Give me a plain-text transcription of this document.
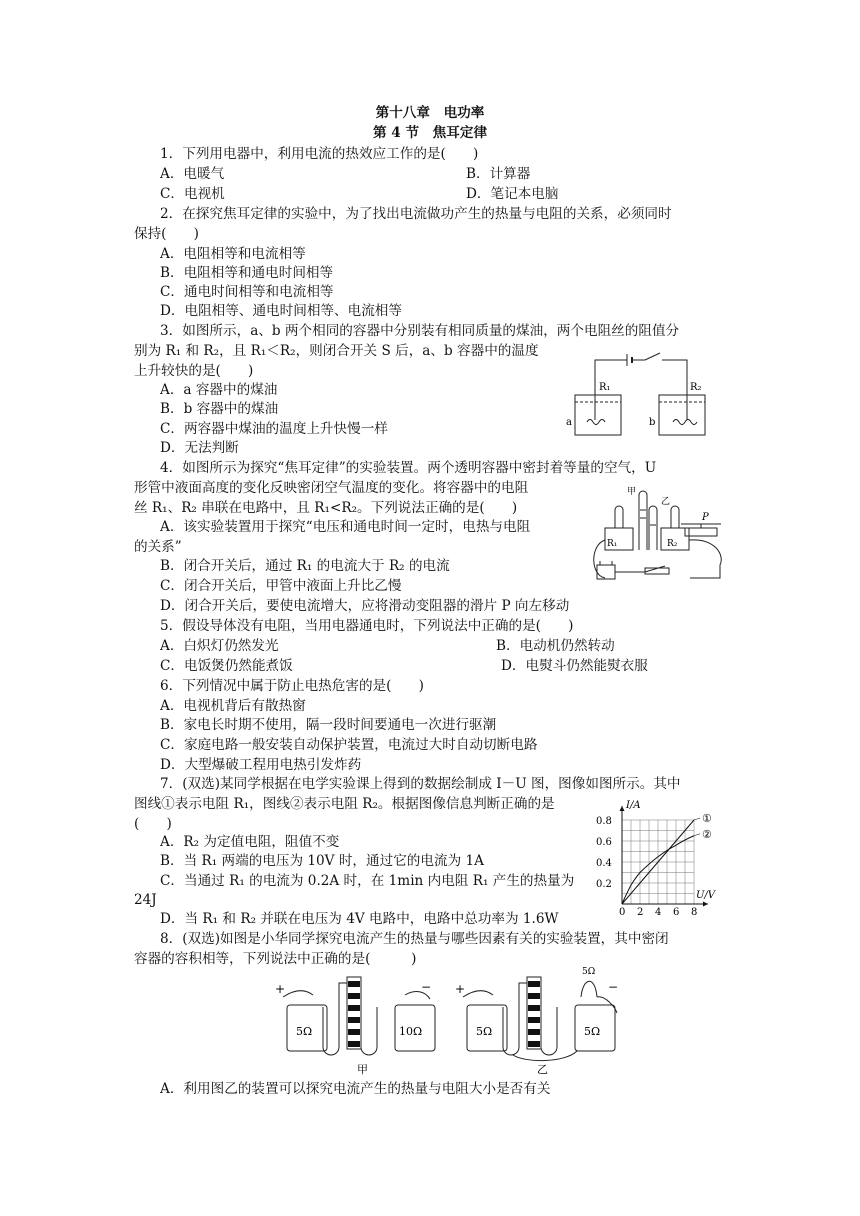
第十八章　电功率
第 4 节　焦耳定律
1．下列用电器中，利用电流的热效应工作的是(　　)
A．电暖气	B．计算器
C．电视机	D．笔记本电脑
2．在探究焦耳定律的实验中，为了找出电流做功产生的热量与电阻的关系，必须同时
保持(　　)
A．电阻相等和电流相等
B．电阻相等和通电时间相等
C．通电时间相等和电流相等
D．电阻相等、通电时间相等、电流相等
3．如图所示，a、b 两个相同的容器中分别装有相同质量的煤油，两个电阻丝的阻值分
别为 R₁ 和 R₂，且 R₁＜R₂，则闭合开关 S 后，a、b 容器中的温度
上升较快的是(　　)
A．a 容器中的煤油
B．b 容器中的煤油
C．两容器中煤油的温度上升快慢一样
D．无法判断
R₁	R₂
a	b
4．如图所示为探究“焦耳定律”的实验装置。两个透明容器中密封着等量的空气，U
形管中液面高度的变化反映密闭空气温度的变化。将容器中的电阻
丝 R₁、R₂ 串联在电路中，且 R₁<R₂。下列说法正确的是(　　)
A．该实验装置用于探究“电压和通电时间一定时，电热与电阻
的关系”
B．闭合开关后，通过 R₁ 的电流大于 R₂ 的电流
C．闭合开关后，甲管中液面上升比乙慢
D．闭合开关后，要使电流增大，应将滑动变阻器的滑片 P 向左移动
甲
乙
R₁	R₂
P
5．假设导体没有电阻，当用电器通电时，下列说法中正确的是(　　)
A．白炽灯仍然发光	B．电动机仍然转动
C．电饭煲仍然能煮饭	D．电熨斗仍然能熨衣服
6．下列情况中属于防止电热危害的是(　　)
A．电视机背后有散热窗
B．家电长时期不使用，隔一段时间要通电一次进行驱潮
C．家庭电路一般安装自动保护装置，电流过大时自动切断电路
D．大型爆破工程用电热引发炸药
7．(双选)某同学根据在电学实验课上得到的数据绘制成 I－U 图，图像如图所示。其中
图线①表示电阻 R₁，图线②表示电阻 R₂。根据图像信息判断正确的是
(　　)
A．R₂ 为定值电阻，阻值不变
B．当 R₁ 两端的电压为 10V 时，通过它的电流为 1A
C．当通过 R₁ 的电流为 0.2A 时，在 1min 内电阻 R₁ 产生的热量为
24J
D．当 R₁ 和 R₂ 并联在电压为 4V 电路中，电路中总功率为 1.6W	0 2 4 6 8
0.2
0.4
0.6
0.8
U/V
I/A
①
②
8．(双选)如图是小华同学探究电流产生的热量与哪些因素有关的实验装置，其中密闭
容器的容积相等，下列说法中正确的是(　　　)
+	− +	−
5Ω	10Ω	5Ω	5Ω
5Ω
甲	乙
A．利用图乙的装置可以探究电流产生的热量与电阻大小是否有关
